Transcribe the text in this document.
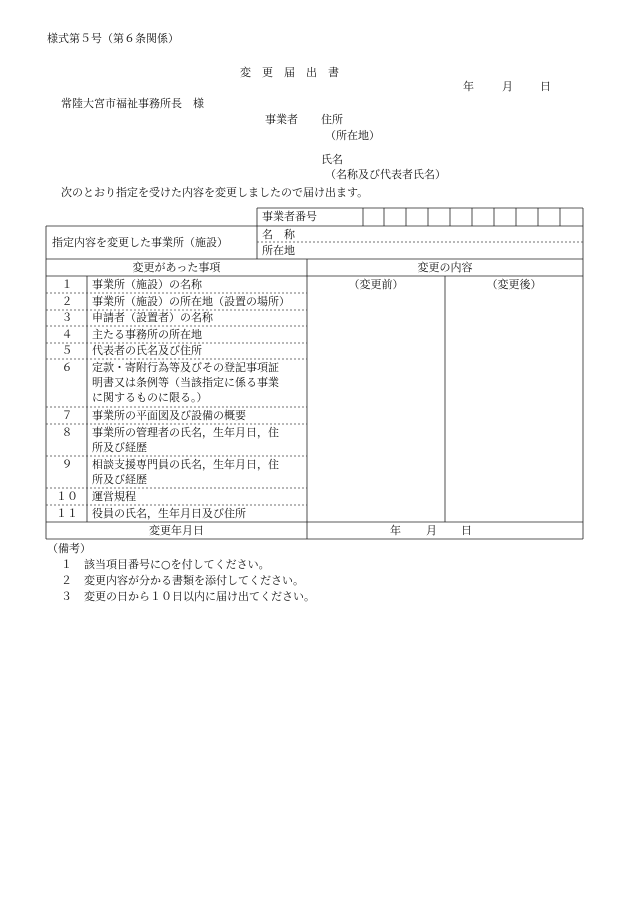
様式第５号（第６条関係）
変　更　届　出　書
年	月 日
常陸大宮市福祉事務所長　様
事業者 住所
（所在地）
氏名
（名称及び代表者氏名）
次のとおり指定を受けた内容を変更しましたので届け出ます。
事業者番号
指定内容を変更した事業所（施設）
名　称
所在地
変更があった事項	変更の内容
（変更前）	（変更後）
１	事業所（施設）の名称
２	事業所（施設）の所在地（設置の場所）
３	申請者（設置者）の名称
４	主たる事務所の所在地
５	代表者の氏名及び住所
６	定款・寄附行為等及びその登記事項証
明書又は条例等（当該指定に係る事業
に関するものに限る。）
７	事業所の平面図及び設備の概要
８	事業所の管理者の氏名，生年月日，住
所及び経歴
９	相談支援専門員の氏名，生年月日，住
所及び経歴
１０	運営規程
１１	役員の氏名，生年月日及び住所
変更年月日	年 月 日
（備考）
１ 該当項目番号に○を付してください。
２ 変更内容が分かる書類を添付してください。
３ 変更の日から１０日以内に届け出てください。
